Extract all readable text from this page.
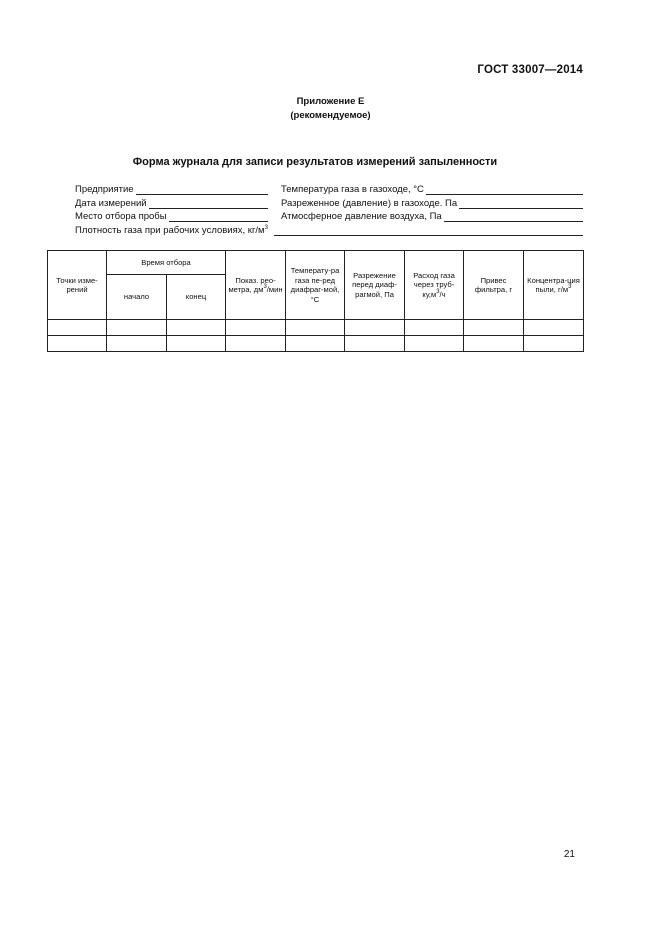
ГОСТ 33007—2014
Приложение Е
(рекомендуемое)
Форма журнала для записи результатов измерений запыленности
Предприятие	Температура газа в газоходе, °С
Дата измерений	Разреженное (давление) в газоходе. Па
Место отбора пробы	Атмосферное давление воздуха, Па
Плотность газа при рабочих условиях, $кг/м^3$
Точки изме-рений	Время отбора		Показ. рео-метра, $дм^3$/мин	Температу-ра газа пе-ред диафраг-мой, °С	Разрежение перед диаф-рагмой, Па	Расход газа через труб-$ку,м^3/ч$	Привес фильтра, г	Концентра-ция пыли, $г/м^3$
	начало	конец						

21
